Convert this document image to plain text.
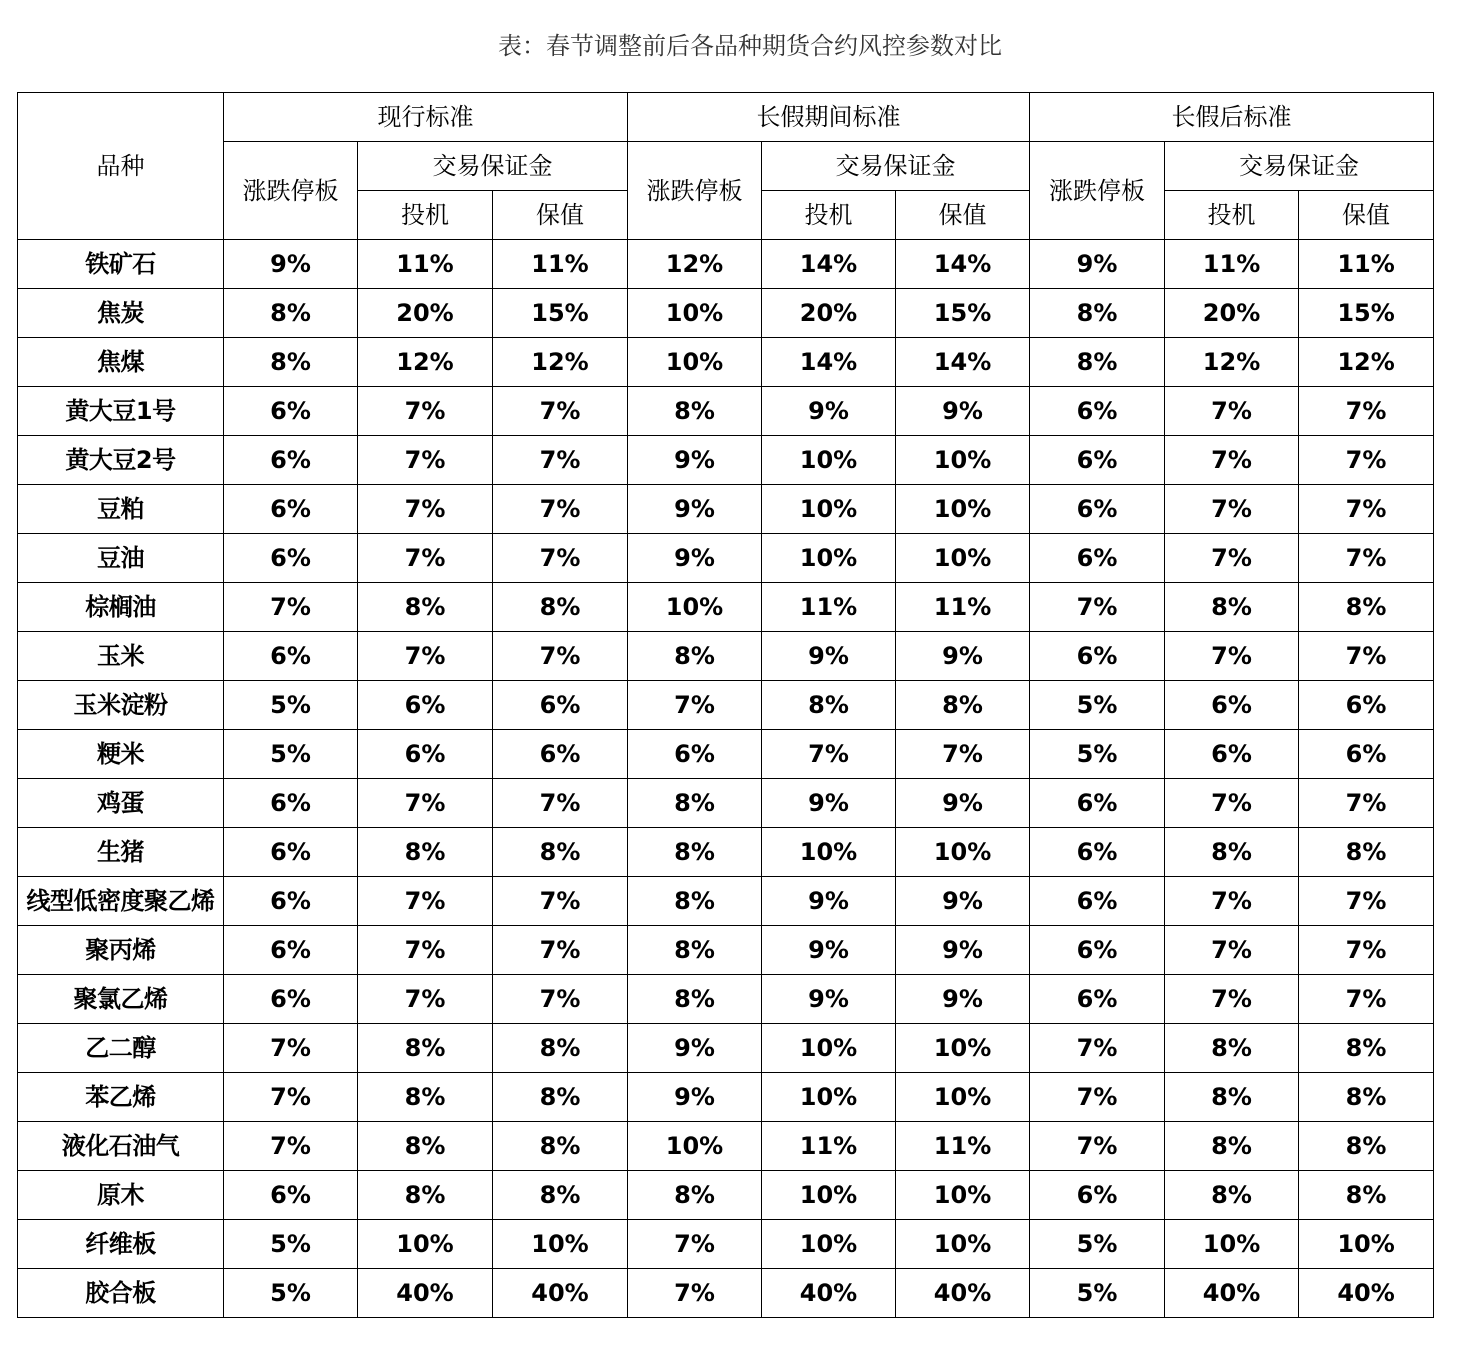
表：春节调整前后各品种期货合约风控参数对比
品种	现行标准			长假期间标准			长假后标准		
	涨跌停板	交易保证金		涨跌停板	交易保证金		涨跌停板	交易保证金	
		投机	保值		投机	保值		投机	保值
铁矿石	9%	11%	11%	12%	14%	14%	9%	11%	11%
焦炭	8%	20%	15%	10%	20%	15%	8%	20%	15%
焦煤	8%	12%	12%	10%	14%	14%	8%	12%	12%
黄大豆1号	6%	7%	7%	8%	9%	9%	6%	7%	7%
黄大豆2号	6%	7%	7%	9%	10%	10%	6%	7%	7%
豆粕	6%	7%	7%	9%	10%	10%	6%	7%	7%
豆油	6%	7%	7%	9%	10%	10%	6%	7%	7%
棕榈油	7%	8%	8%	10%	11%	11%	7%	8%	8%
玉米	6%	7%	7%	8%	9%	9%	6%	7%	7%
玉米淀粉	5%	6%	6%	7%	8%	8%	5%	6%	6%
粳米	5%	6%	6%	6%	7%	7%	5%	6%	6%
鸡蛋	6%	7%	7%	8%	9%	9%	6%	7%	7%
生猪	6%	8%	8%	8%	10%	10%	6%	8%	8%
线型低密度聚乙烯	6%	7%	7%	8%	9%	9%	6%	7%	7%
聚丙烯	6%	7%	7%	8%	9%	9%	6%	7%	7%
聚氯乙烯	6%	7%	7%	8%	9%	9%	6%	7%	7%
乙二醇	7%	8%	8%	9%	10%	10%	7%	8%	8%
苯乙烯	7%	8%	8%	9%	10%	10%	7%	8%	8%
液化石油气	7%	8%	8%	10%	11%	11%	7%	8%	8%
原木	6%	8%	8%	8%	10%	10%	6%	8%	8%
纤维板	5%	10%	10%	7%	10%	10%	5%	10%	10%
胶合板	5%	40%	40%	7%	40%	40%	5%	40%	40%
